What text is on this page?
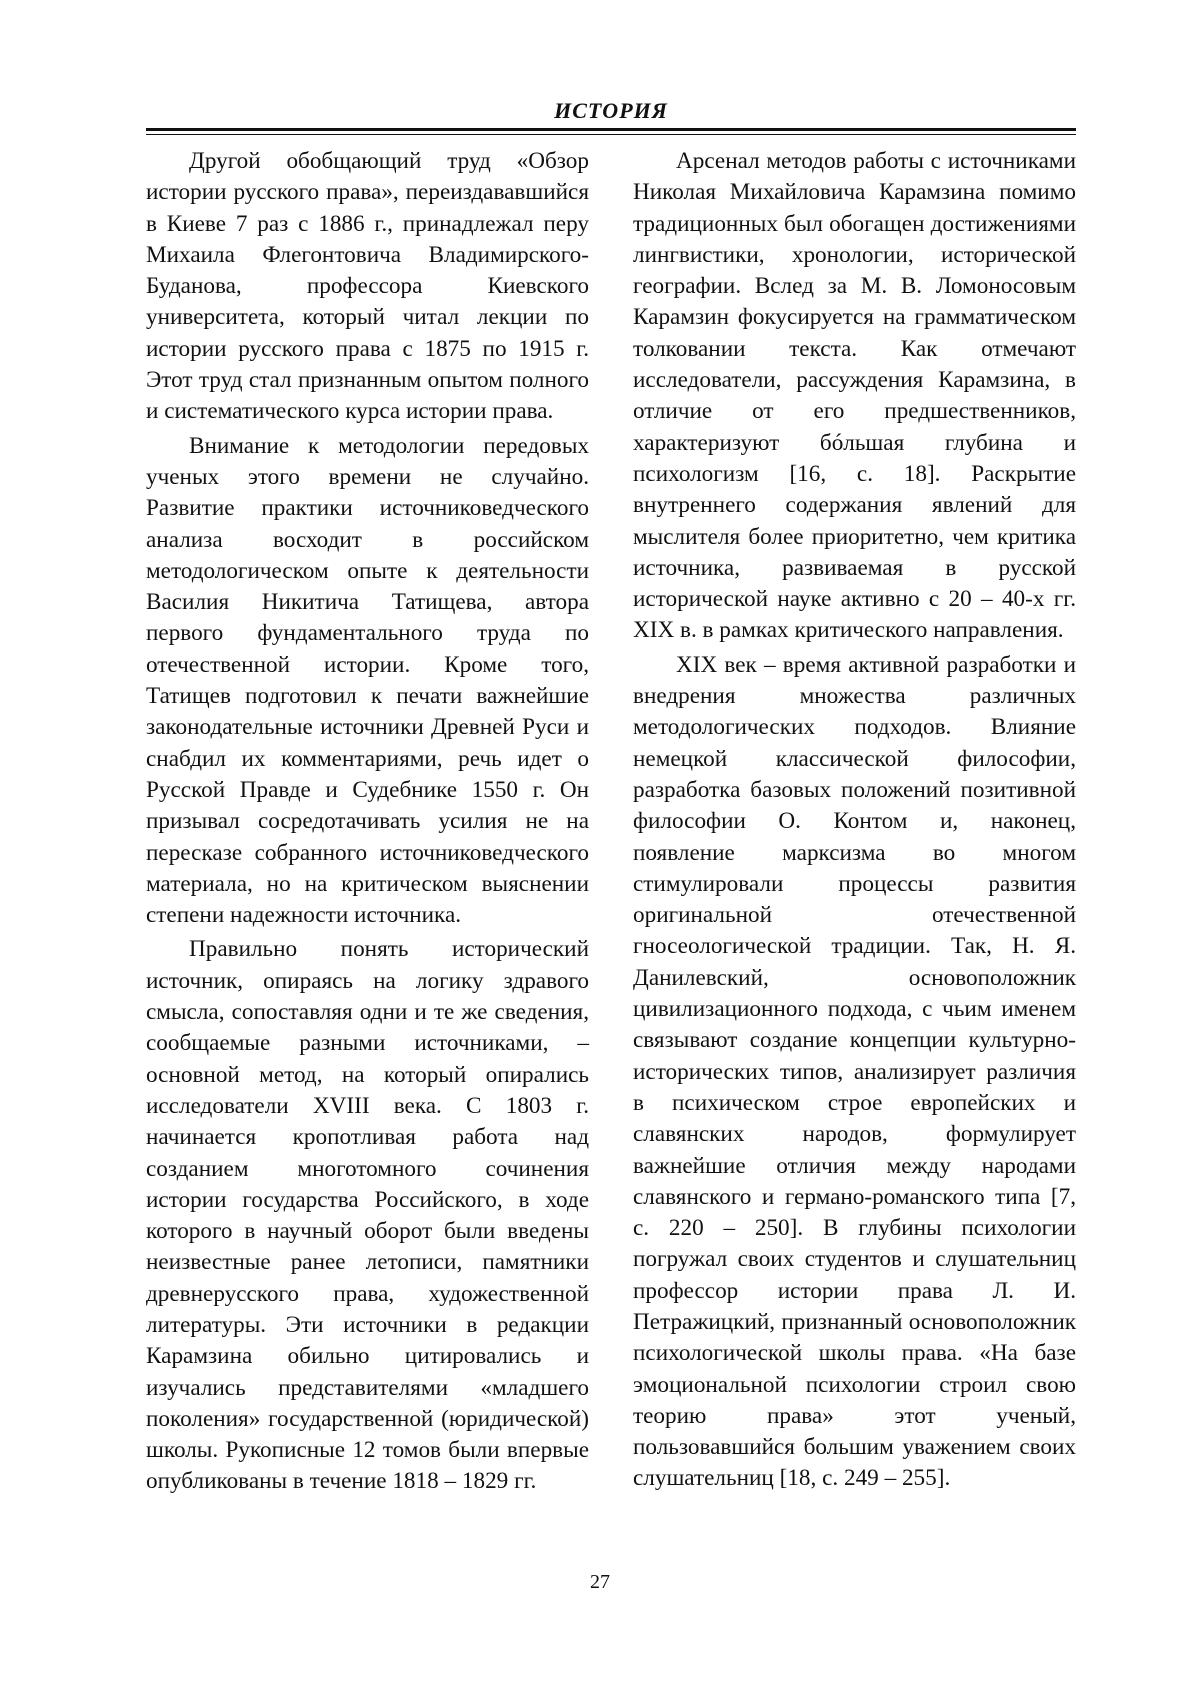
ИСТОРИЯ

Другой обобщающий труд «Обзор истории русского права», переиздававшийся в Киеве 7 раз с 1886 г., принадлежал перу Михаила Флегонтовича Владимирского-Буданова, профессора Киевского университета, который читал лекции по истории русского права с 1875 по 1915 г. Этот труд стал признанным опытом полного и систематического курса истории права.

Внимание к методологии передовых ученых этого времени не случайно. Развитие практики источниковедческого анализа восходит в российском методологическом опыте к деятельности Василия Никитича Татищева, автора первого фундаментального труда по отечественной истории. Кроме того, Татищев подготовил к печати важнейшие законодательные источники Древней Руси и снабдил их комментариями, речь идет о Русской Правде и Судебнике 1550 г. Он призывал сосредотачивать усилия не на пересказе собранного источниковедческого материала, но на критическом выяснении степени надежности источника.

Правильно понять исторический источник, опираясь на логику здравого смысла, сопоставляя одни и те же сведения, сообщаемые разными источниками, – основной метод, на который опирались исследователи XVIII века. С 1803 г. начинается кропотливая работа над созданием многотомного сочинения истории государства Российского, в ходе которого в научный оборот были введены неизвестные ранее летописи, памятники древнерусского права, художественной литературы. Эти источники в редакции Карамзина обильно цитировались и изучались представителями «младшего поколения» государственной (юридической) школы. Рукописные 12 томов были впервые опубликованы в течение 1818 – 1829 гг.

Арсенал методов работы с источниками Николая Михайловича Карамзина помимо традиционных был обогащен достижениями лингвистики, хронологии, исторической географии. Вслед за М. В. Ломоносовым Карамзин фокусируется на грамматическом толковании текста. Как отмечают исследователи, рассуждения Карамзина, в отличие от его предшественников, характеризуют бóльшая глубина и психологизм [16, с. 18]. Раскрытие внутреннего содержания явлений для мыслителя более приоритетно, чем критика источника, развиваемая в русской исторической науке активно с 20 – 40-х гг. XIX в. в рамках критического направления.

XIX век – время активной разработки и внедрения множества различных методологических подходов. Влияние немецкой классической философии, разработка базовых положений позитивной философии О. Контом и, наконец, появление марксизма во многом стимулировали процессы развития оригинальной отечественной гносеологической традиции. Так, Н. Я. Данилевский, основоположник цивилизационного подхода, с чьим именем связывают создание концепции культурно-исторических типов, анализирует различия в психическом строе европейских и славянских народов, формулирует важнейшие отличия между народами славянского и германо-романского типа [7, с. 220 – 250]. В глубины психологии погружал своих студентов и слушательниц профессор истории права Л. И. Петражицкий, признанный основоположник психологической школы права. «На базе эмоциональной психологии строил свою теорию права» этот ученый, пользовавшийся большим уважением своих слушательниц [18, с. 249 – 255].

27
